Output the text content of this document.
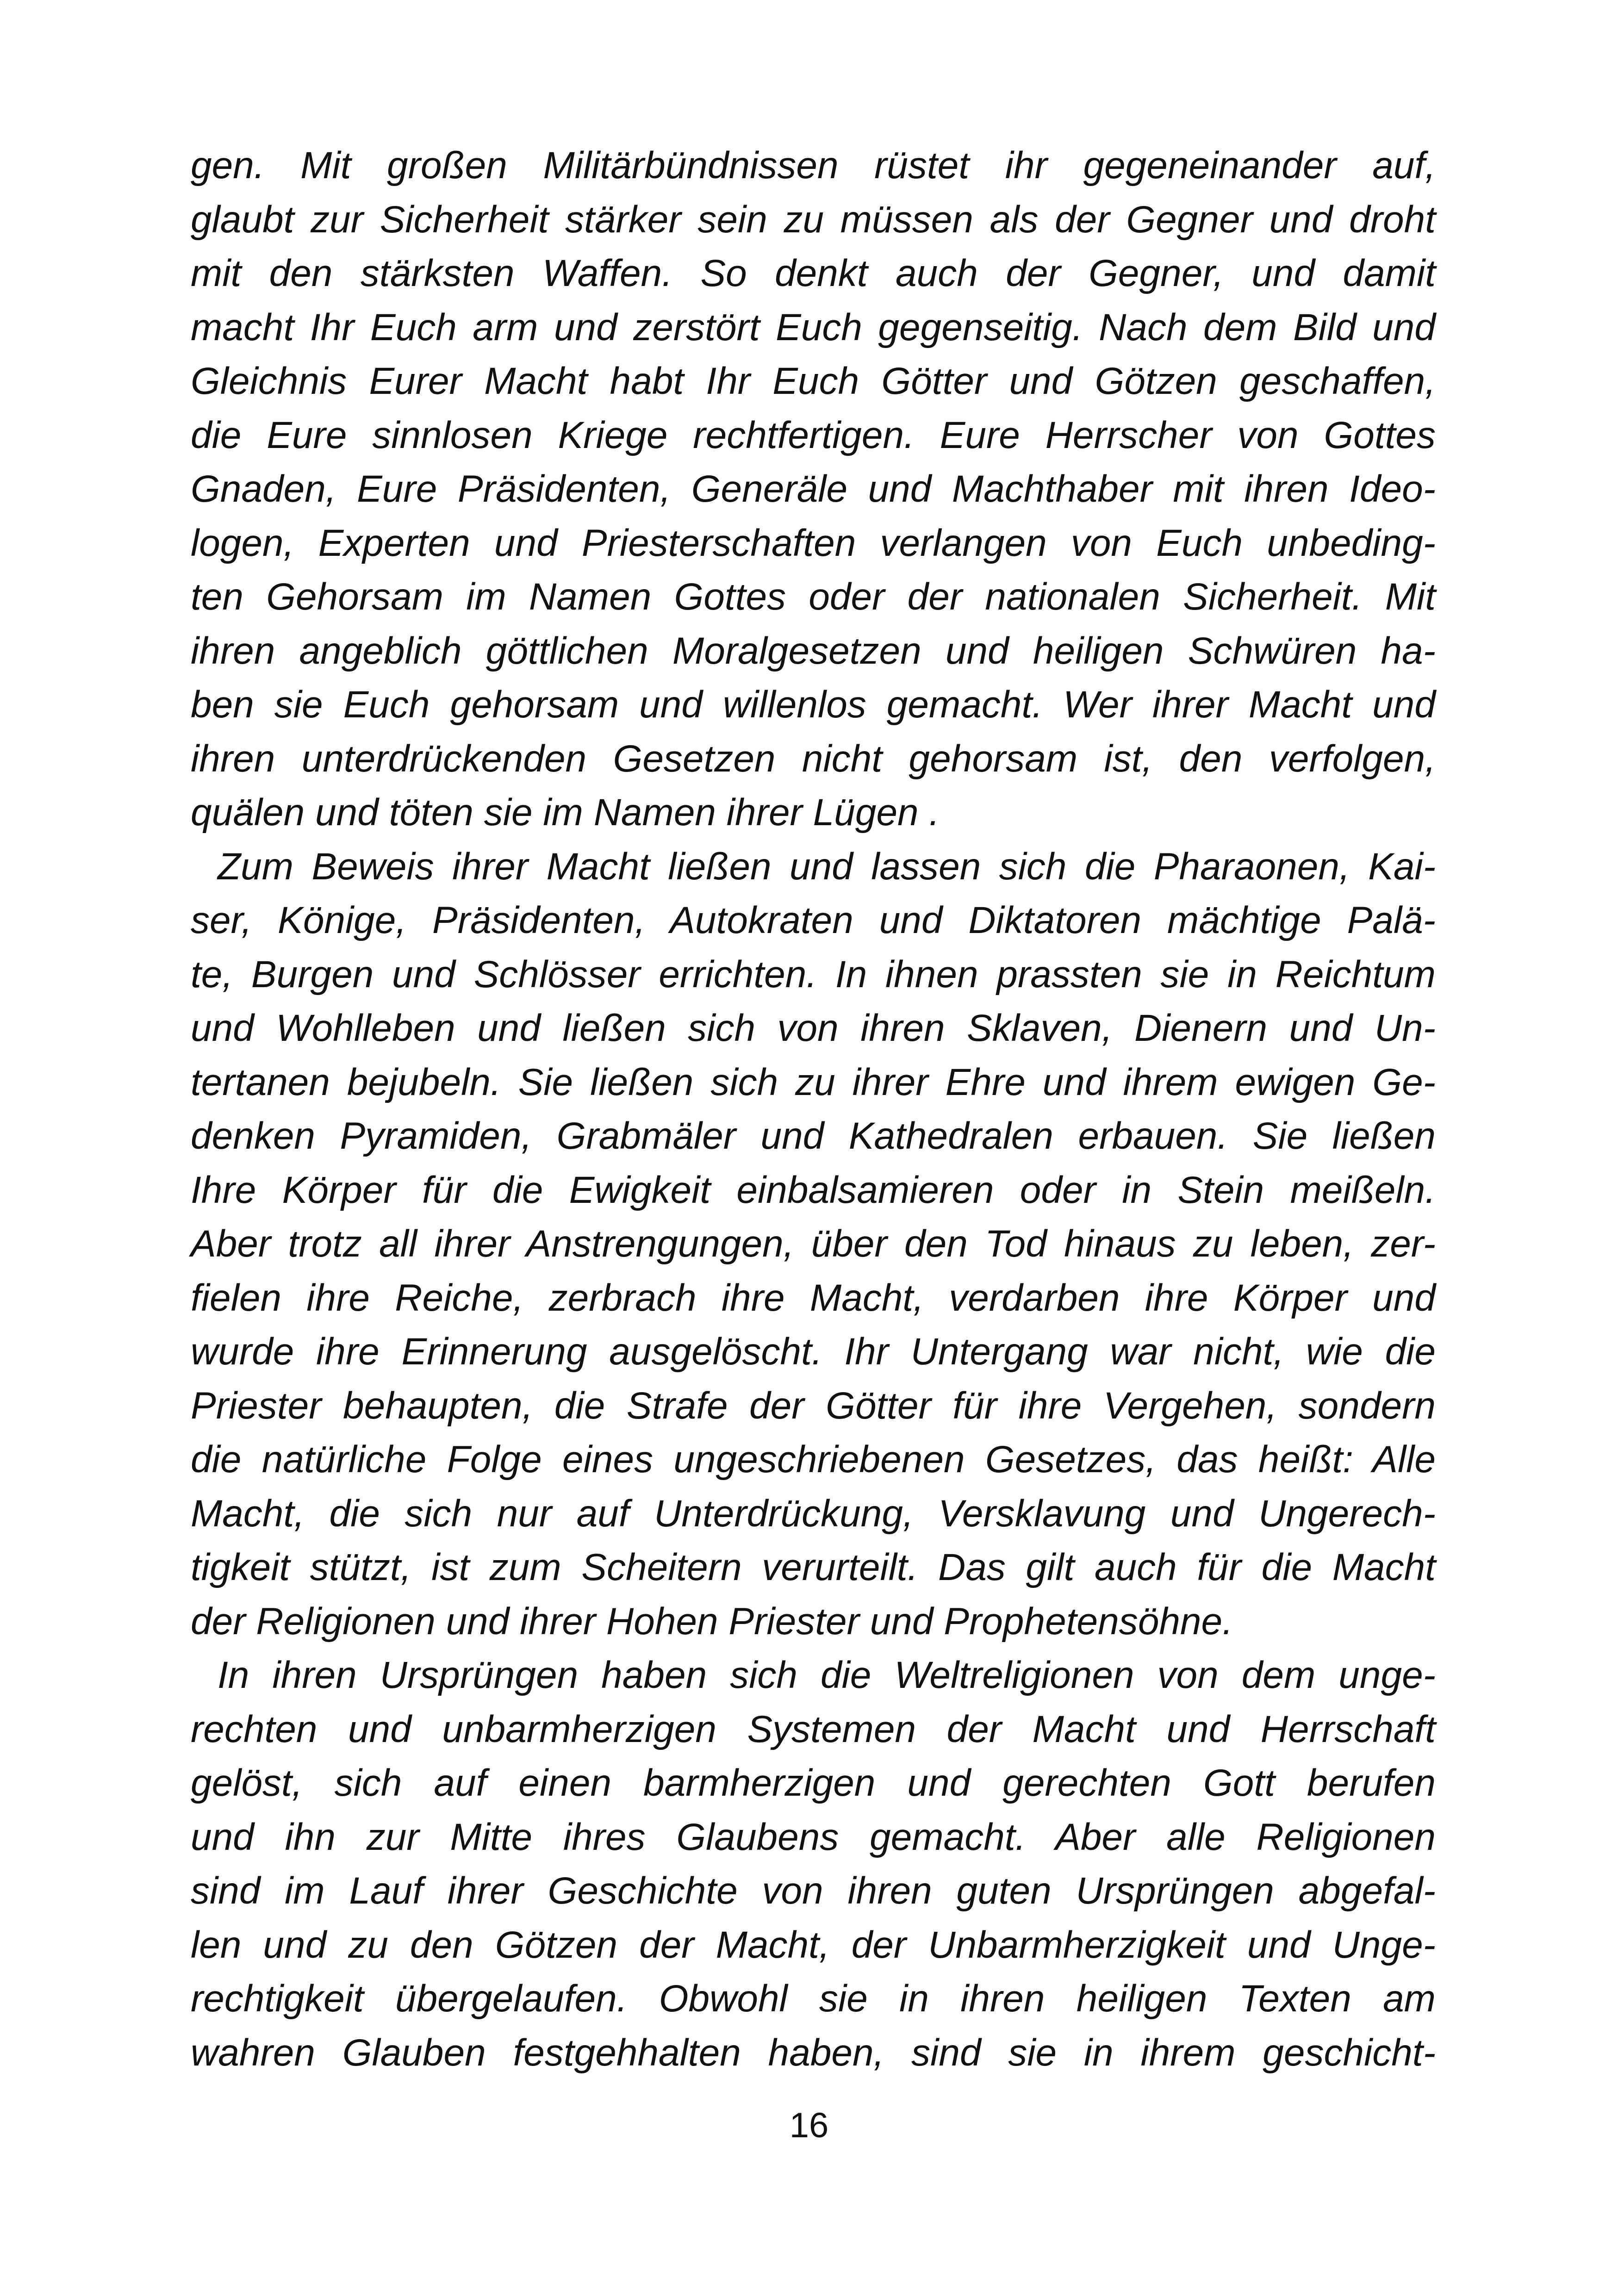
gen. Mit großen Militärbündnissen rüstet ihr gegeneinander auf,
glaubt zur Sicherheit stärker sein zu müssen als der Gegner und droht
mit den stärksten Waffen. So denkt auch der Gegner, und damit
macht Ihr Euch arm und zerstört Euch gegenseitig. Nach dem Bild und
Gleichnis Eurer Macht habt Ihr Euch Götter und Götzen geschaffen,
die Eure sinnlosen Kriege rechtfertigen. Eure Herrscher von Gottes
Gnaden, Eure Präsidenten, Generäle und Machthaber mit ihren Ideo-
logen, Experten und Priesterschaften verlangen von Euch unbeding-
ten Gehorsam im Namen Gottes oder der nationalen Sicherheit. Mit
ihren angeblich göttlichen Moralgesetzen und heiligen Schwüren ha-
ben sie Euch gehorsam und willenlos gemacht. Wer ihrer Macht und
ihren unterdrückenden Gesetzen nicht gehorsam ist, den verfolgen,
quälen und töten sie im Namen ihrer Lügen .
Zum Beweis ihrer Macht ließen und lassen sich die Pharaonen, Kai-
ser, Könige, Präsidenten, Autokraten und Diktatoren mächtige Palä-
te, Burgen und Schlösser errichten. In ihnen prassten sie in Reichtum
und Wohlleben und ließen sich von ihren Sklaven, Dienern und Un-
tertanen bejubeln. Sie ließen sich zu ihrer Ehre und ihrem ewigen Ge-
denken Pyramiden, Grabmäler und Kathedralen erbauen. Sie ließen
Ihre Körper für die Ewigkeit einbalsamieren oder in Stein meißeln.
Aber trotz all ihrer Anstrengungen, über den Tod hinaus zu leben, zer-
fielen ihre Reiche, zerbrach ihre Macht, verdarben ihre Körper und
wurde ihre Erinnerung ausgelöscht. Ihr Untergang war nicht, wie die
Priester behaupten, die Strafe der Götter für ihre Vergehen, sondern
die natürliche Folge eines ungeschriebenen Gesetzes, das heißt: Alle
Macht, die sich nur auf Unterdrückung, Versklavung und Ungerech-
tigkeit stützt, ist zum Scheitern verurteilt. Das gilt auch für die Macht
der Religionen und ihrer Hohen Priester und Prophetensöhne.
In ihren Ursprüngen haben sich die Weltreligionen von dem unge-
rechten und unbarmherzigen Systemen der Macht und Herrschaft
gelöst, sich auf einen barmherzigen und gerechten Gott berufen
und ihn zur Mitte ihres Glaubens gemacht. Aber alle Religionen
sind im Lauf ihrer Geschichte von ihren guten Ursprüngen abgefal-
len und zu den Götzen der Macht, der Unbarmherzigkeit und Unge-
rechtigkeit übergelaufen. Obwohl sie in ihren heiligen Texten am
wahren Glauben festgehhalten haben, sind sie in ihrem geschicht-
16
